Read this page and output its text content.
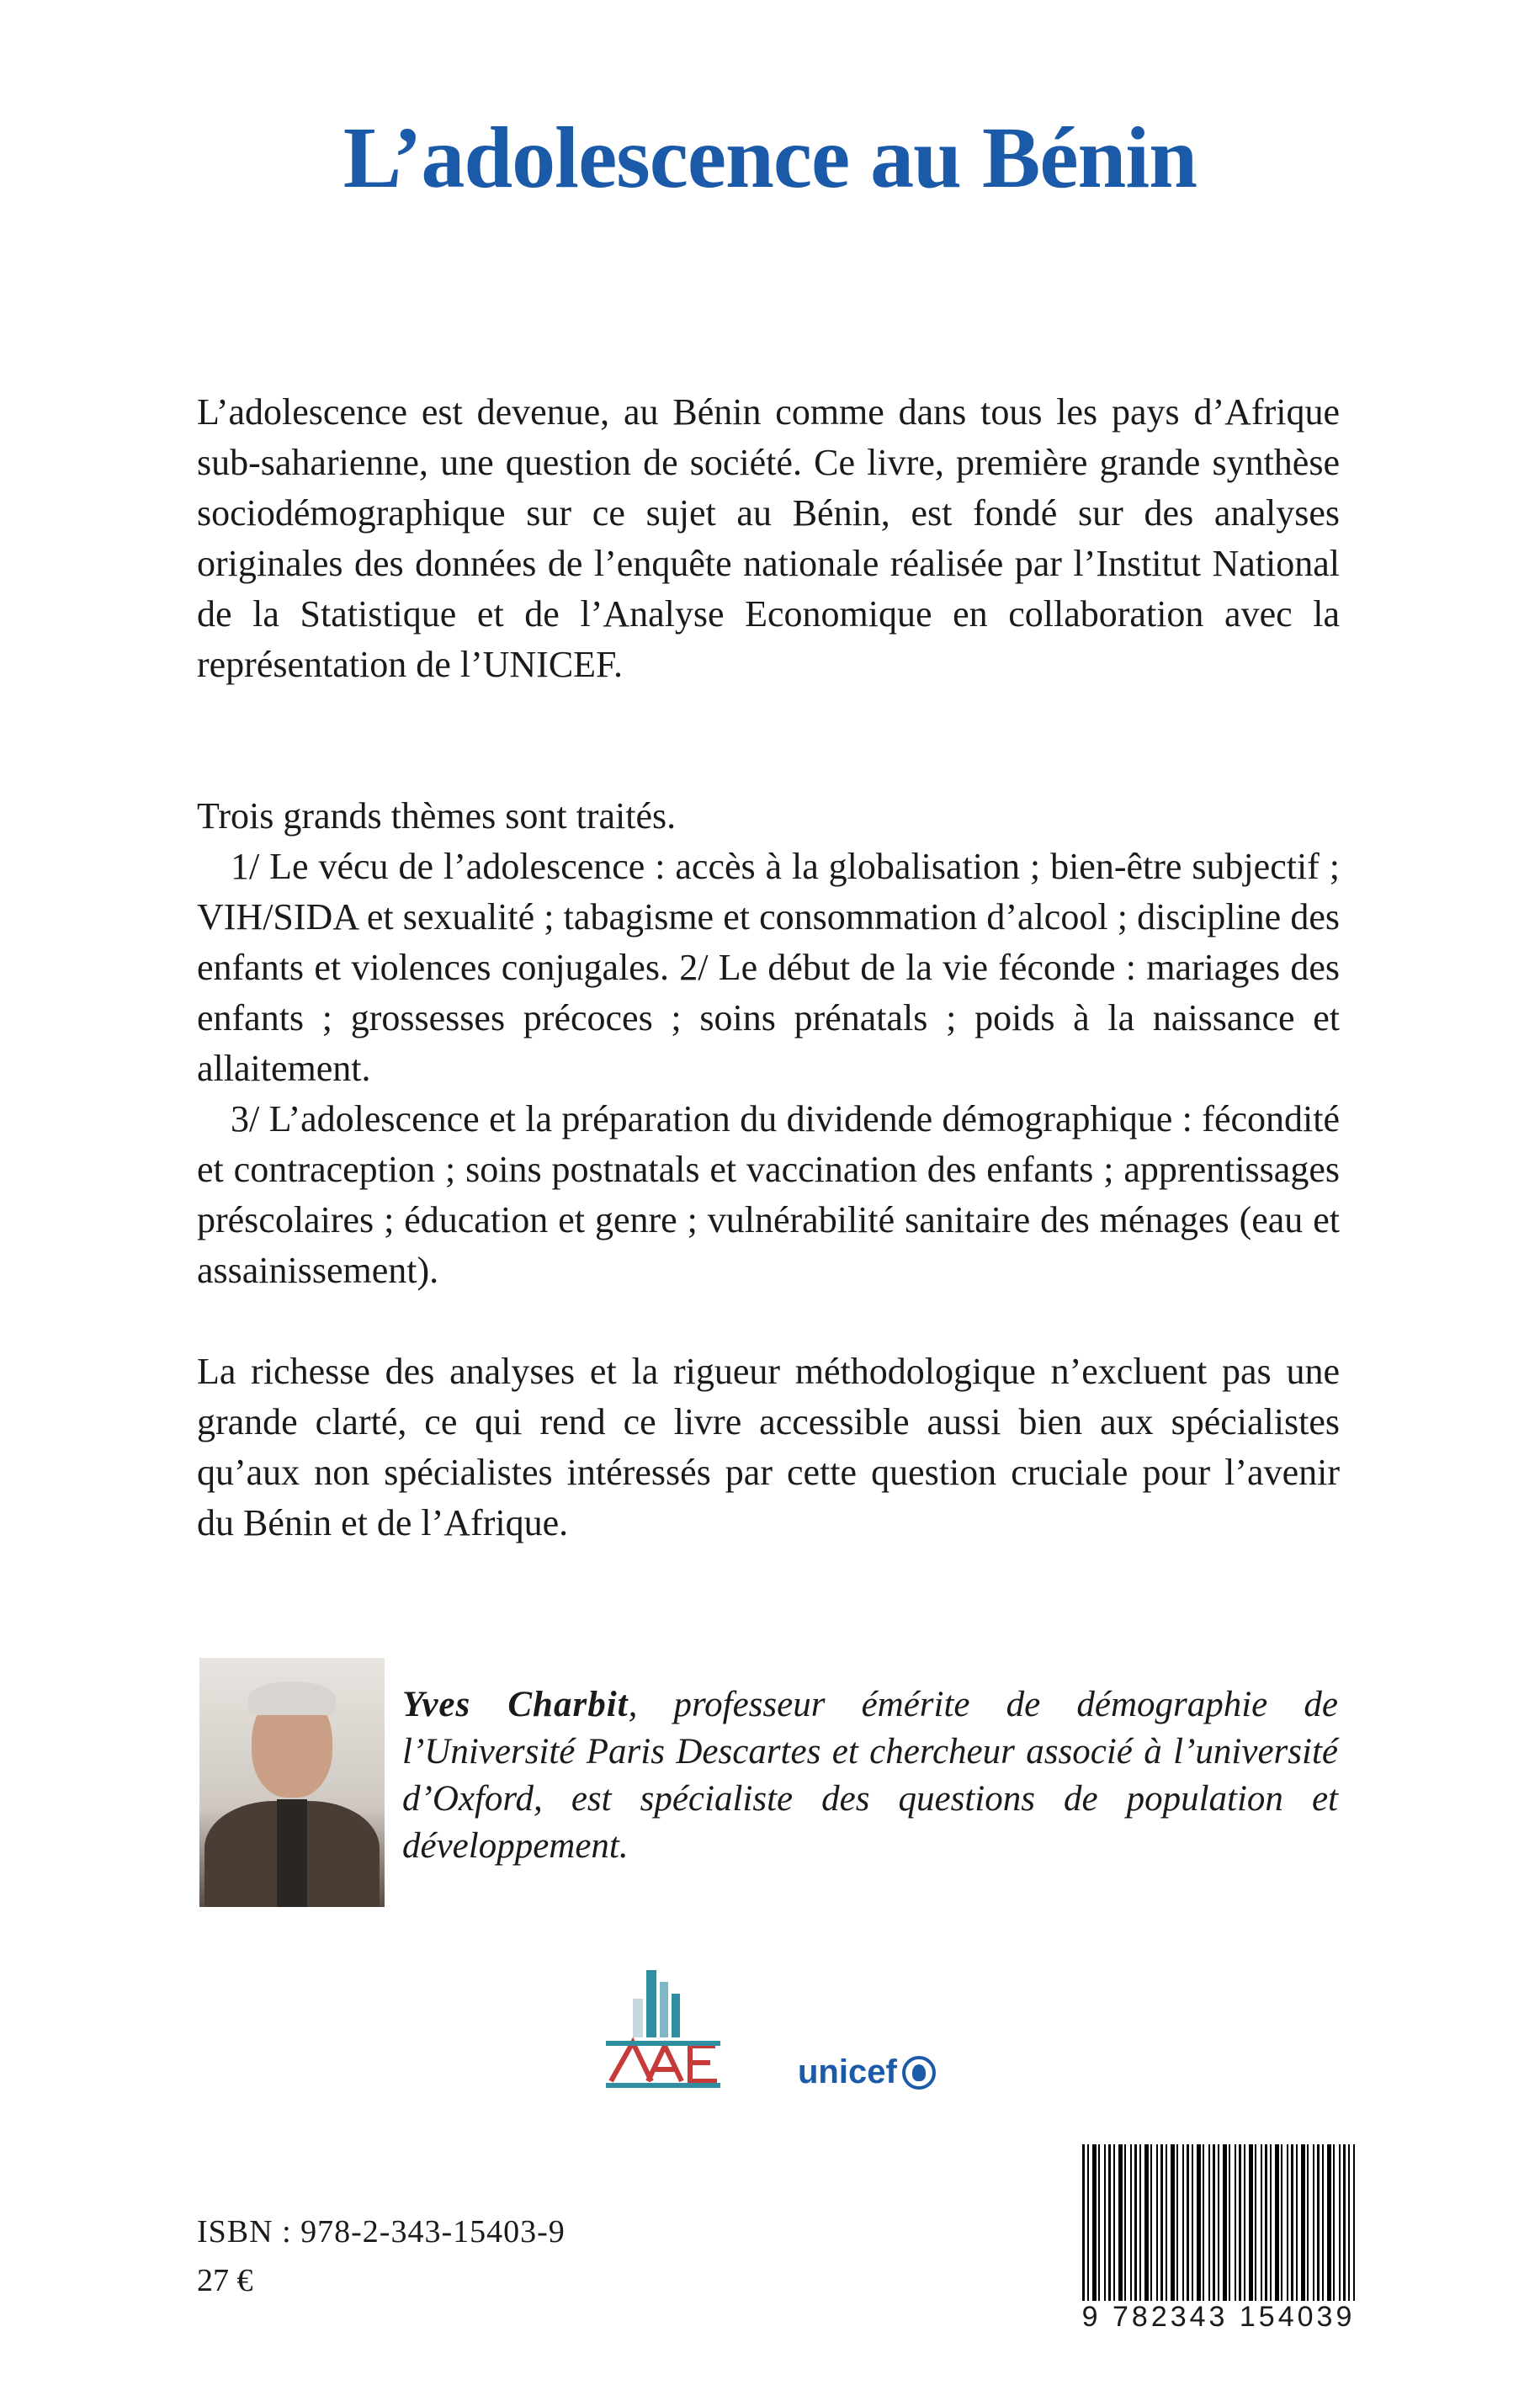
L’adolescence au Bénin

L’adolescence est devenue, au Bénin comme dans tous les pays d’Afrique sub-saharienne, une question de société. Ce livre, première grande synthèse sociodémographique sur ce sujet au Bénin, est fondé sur des analyses originales des données de l’enquête nationale réalisée par l’Institut National de la Statistique et de l’Analyse Economique en collaboration avec la représentation de l’UNICEF.

Trois grands thèmes sont traités.

1/ Le vécu de l’adolescence : accès à la globalisation ; bien-être subjectif ; VIH/SIDA et sexualité ; tabagisme et consommation d’alcool ; discipline des enfants et violences conjugales. 2/ Le début de la vie féconde : mariages des enfants ; grossesses précoces ; soins prénatals ; poids à la naissance et allaitement.

3/ L’adolescence et la préparation du dividende démographique : fécondité et contraception ; soins postnatals et vaccination des enfants ; apprentissages préscolaires ; éducation et genre ; vulnérabilité sanitaire des ménages (eau et assainissement).

La richesse des analyses et la rigueur méthodologique n’excluent pas une grande clarté, ce qui rend ce livre accessible aussi bien aux spécialistes qu’aux non spécialistes intéressés par cette question cruciale pour l’avenir du Bénin et de l’Afrique.

Yves Charbit, professeur émérite de démographie de l’Université Paris Descartes et chercheur associé à l’université d’Oxford, est spécialiste des questions de population et développement.
unicef
ISBN : 978-2-343-15403-9
27 €
9 782343 154039
